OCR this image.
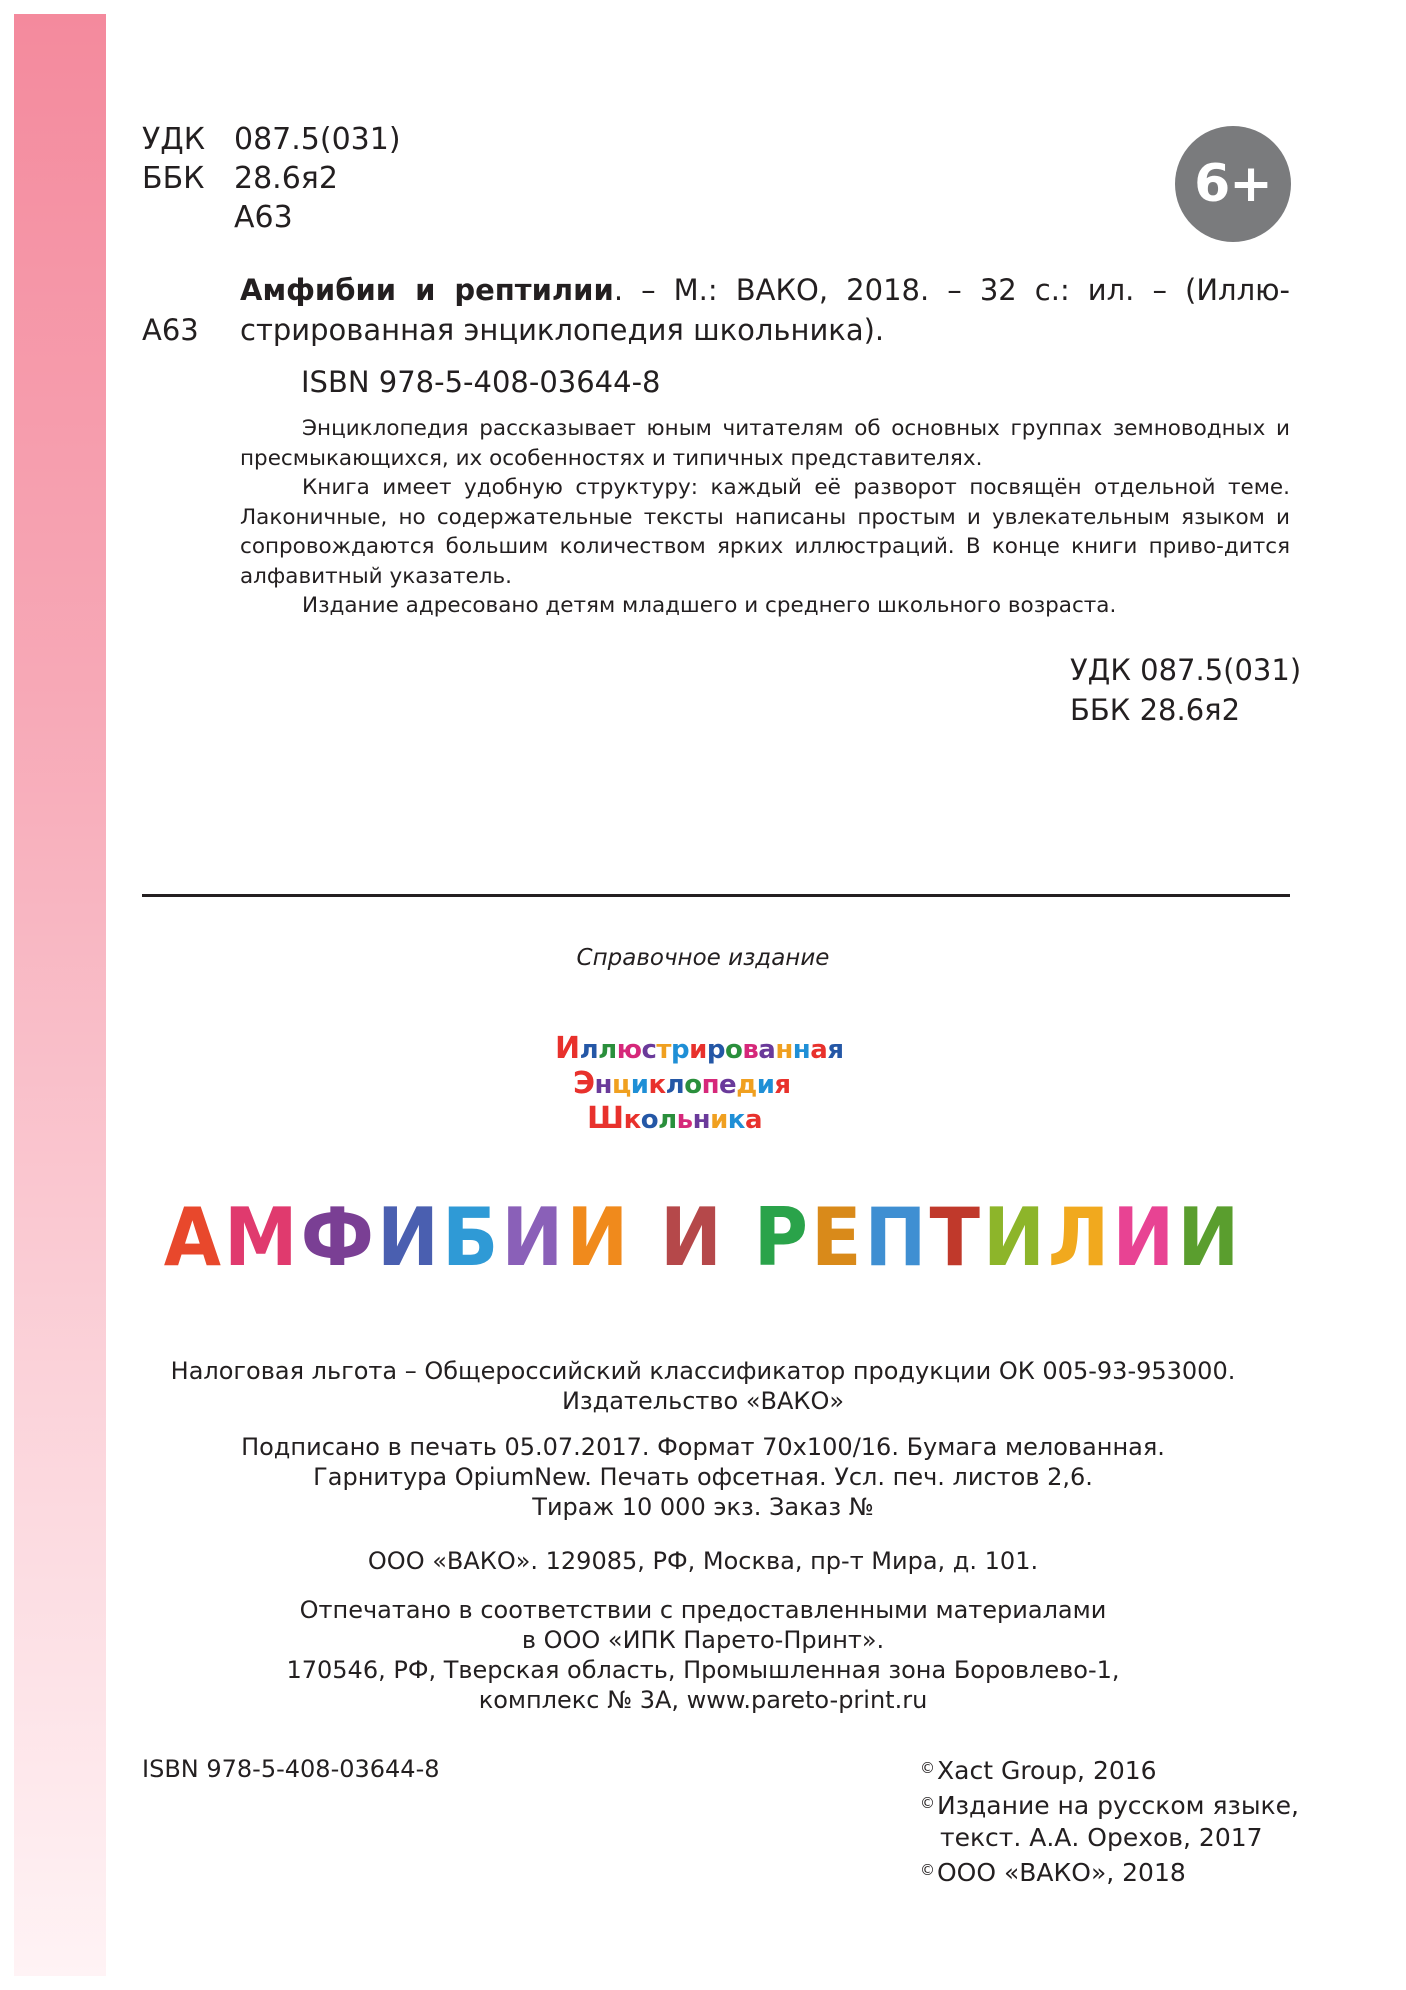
УДК 087.5(031)
ББК 28.6я2
А63
6+
А63
Амфибии и рептилии. – М.: ВАКО, 2018. – 32 с.: ил. – (Иллю-стрированная энциклопедия школьника).
ISBN 978-5-408-03644-8

Энциклопедия рассказывает юным читателям об основных группах земноводных и пресмыкающихся, их особенностях и типичных представителях.

Книга имеет удобную структуру: каждый её разворот посвящён отдельной теме. Лаконичные, но содержательные тексты написаны простым и увлекательным языком и сопровождаются большим количеством ярких иллюстраций. В конце книги приво-дится алфавитный указатель.

Издание адресовано детям младшего и среднего школьного возраста.

УДК 087.5(031)
ББК 28.6я2
Справочное издание
Иллюстрированная
Энциклопедия
Школьника
АМФИБИИ И РЕПТИЛИИ
Налоговая льгота – Общероссийский классификатор продукции ОК 005-93-953000.
Издательство «ВАКО»
Подписано в печать 05.07.2017. Формат 70х100/16. Бумага мелованная.
Гарнитура OpiumNew. Печать офсетная. Усл. печ. листов 2,6.
Тираж 10 000 экз. Заказ №
ООО «ВАКО». 129085, РФ, Москва, пр-т Мира, д. 101.
Отпечатано в соответствии с предоставленными материалами
в ООО «ИПК Парето-Принт».
170546, РФ, Тверская область, Промышленная зона Боровлево-1,
комплекс № 3А, www.pareto-print.ru
ISBN 978-5-408-03644-8	©Xact Group, 2016
©Издание на русском языке,
текст. А.А. Орехов, 2017
©ООО «ВАКО», 2018
